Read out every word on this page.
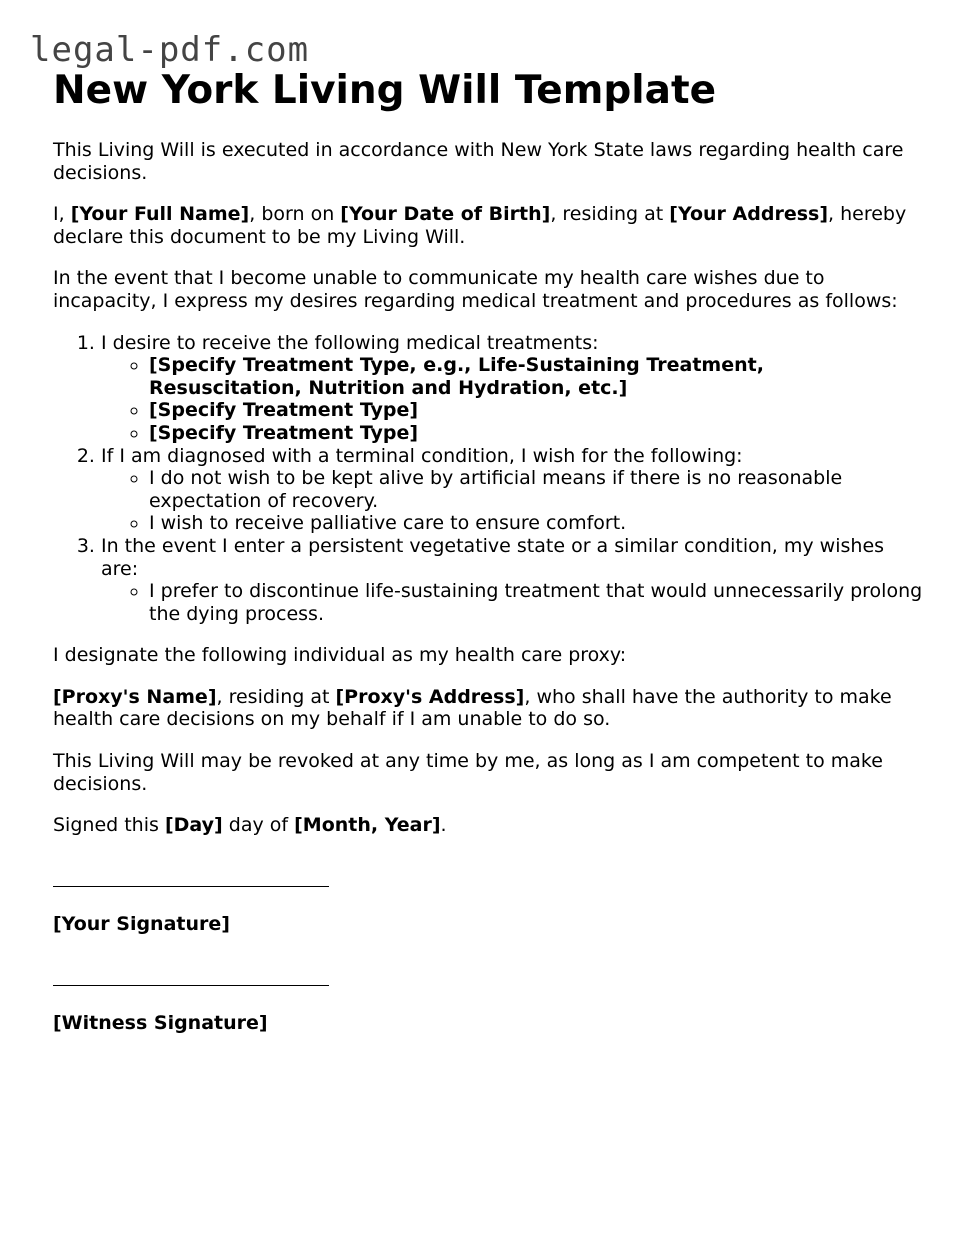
legal-pdf.com
New York Living Will Template

This Living Will is executed in accordance with New York State laws regarding health care decisions.

I, [Your Full Name], born on [Your Date of Birth], residing at [Your Address], hereby declare this document to be my Living Will.

In the event that I become unable to communicate my health care wishes due to incapacity, I express my desires regarding medical treatment and procedures as follows:

1. I desire to receive the following medical treatments:
◦ [Specify Treatment Type, e.g., Life-Sustaining Treatment, Resuscitation, Nutrition and Hydration, etc.]
◦ [Specify Treatment Type]
◦ [Specify Treatment Type]
2. If I am diagnosed with a terminal condition, I wish for the following:
◦ I do not wish to be kept alive by artificial means if there is no reasonable expectation of recovery.
◦ I wish to receive palliative care to ensure comfort.
3. In the event I enter a persistent vegetative state or a similar condition, my wishes are:
◦ I prefer to discontinue life-sustaining treatment that would unnecessarily prolong the dying process.

I designate the following individual as my health care proxy:

[Proxy's Name], residing at [Proxy's Address], who shall have the authority to make health care decisions on my behalf if I am unable to do so.

This Living Will may be revoked at any time by me, as long as I am competent to make decisions.

Signed this [Day] day of [Month, Year].

[Your Signature]

[Witness Signature]
